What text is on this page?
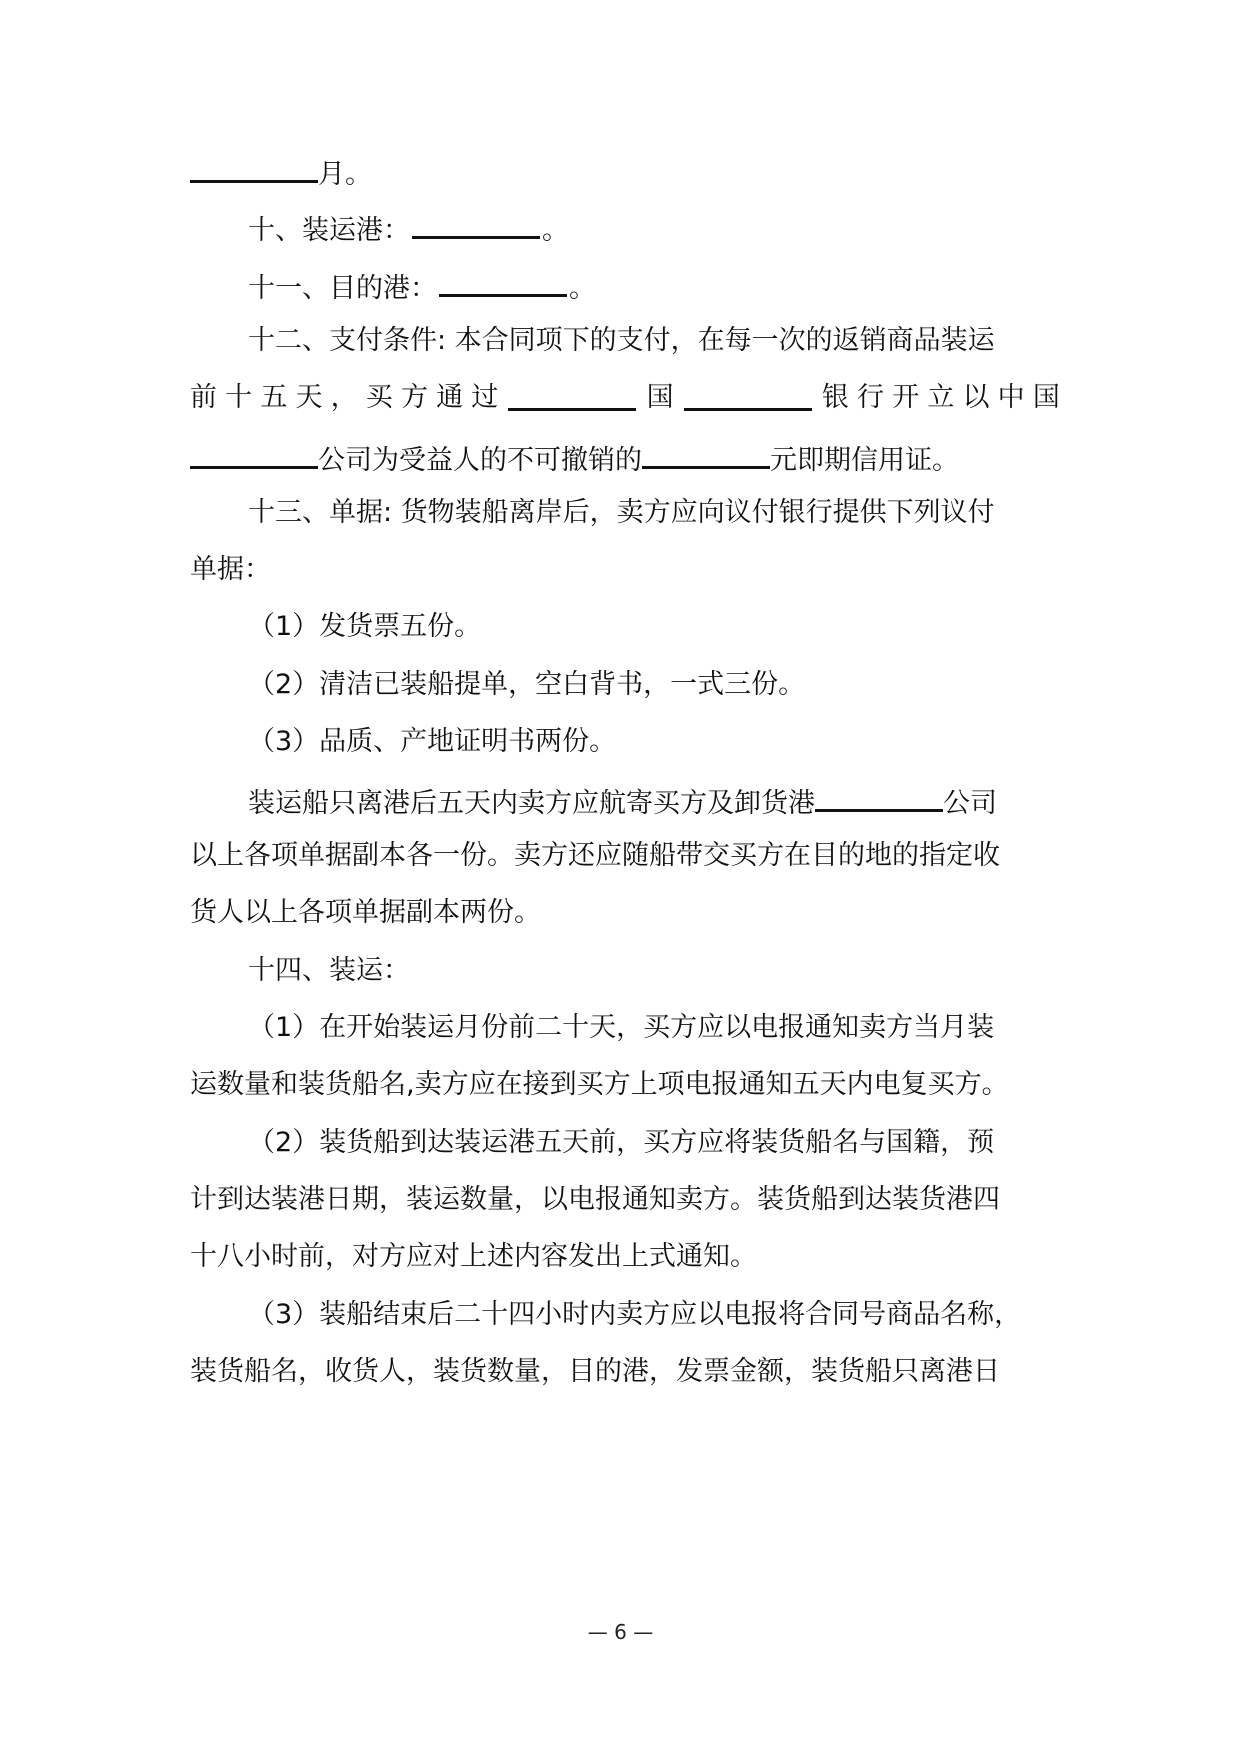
月。
十、装运港：	。
十一、目的港：	。
十二、支付条件: 本合同项下的支付，在每一次的返销商品装运
前 十 五 天 ， 买 方 通 过	国	银 行 开 立 以 中 国
公司为受益人的不可撤销的	元即期信用证。
十三、单据: 货物装船离岸后，卖方应向议付银行提供下列议付
单据：
（1）发货票五份。
（2）清洁已装船提单，空白背书，一式三份。
（3）品质、产地证明书两份。
装运船只离港后五天内卖方应航寄买方及卸货港	公司
以上各项单据副本各一份。卖方还应随船带交买方在目的地的指定收
货人以上各项单据副本两份。
十四、装运：
（1）在开始装运月份前二十天，买方应以电报通知卖方当月装
运数量和装货船名,卖方应在接到买方上项电报通知五天内电复买方。
（2）装货船到达装运港五天前，买方应将装货船名与国籍，预
计到达装港日期，装运数量，以电报通知卖方。装货船到达装货港四
十八小时前，对方应对上述内容发出上式通知。
（3）装船结束后二十四小时内卖方应以电报将合同号商品名称，
装货船名，收货人，装货数量，目的港，发票金额，装货船只离港日
— 6 —
